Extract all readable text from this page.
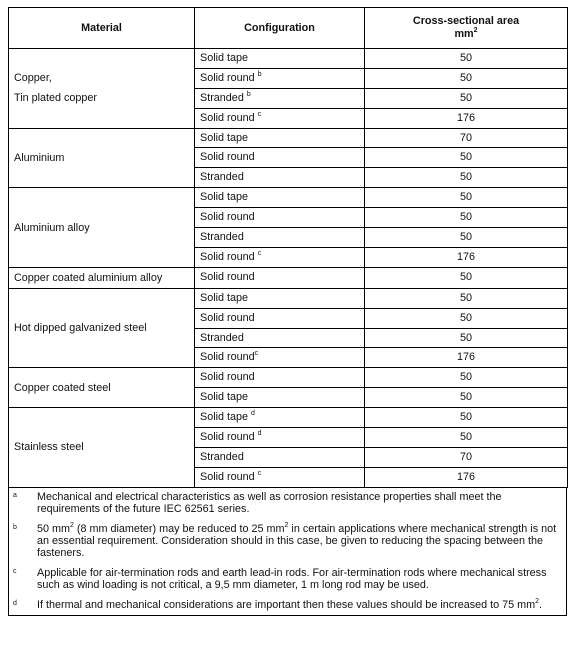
Material	Configuration	Cross-sectional area
$mm^2$

Copper,
Tin plated copper	Solid tape	50
	Solid round $^b$	50
	Stranded $^b$	50
	Solid round $^c$	176

Aluminium	Solid tape	70
	Solid round	50
	Stranded	50

Aluminium alloy	Solid tape	50
	Solid round	50
	Stranded	50
	Solid round $^c$	176

Copper coated aluminium alloy	Solid round	50

Hot dipped galvanized steel	Solid tape	50
	Solid round	50
	Stranded	50
	Solid round$^c$	176

Copper coated steel	Solid round	50
	Solid tape	50

Stainless steel	Solid tape $^d$	50
	Solid round $^d$	50
	Stranded	70
	Solid round $^c$	176
a	Mechanical and electrical characteristics as well as corrosion resistance properties shall meet the requirements of the future IEC 62561 series.
b	50 $mm^2$ (8 mm diameter) may be reduced to 25 $mm^2$ in certain applications where mechanical strength is not an essential requirement. Consideration should in this case, be given to reducing the spacing between the fasteners.
c	Applicable for air-termination rods and earth lead-in rods. For air-termination rods where mechanical stress such as wind loading is not critical, a 9,5 mm diameter, 1 m long rod may be used.
d	If thermal and mechanical considerations are important then these values should be increased to 75 $mm^2$.
